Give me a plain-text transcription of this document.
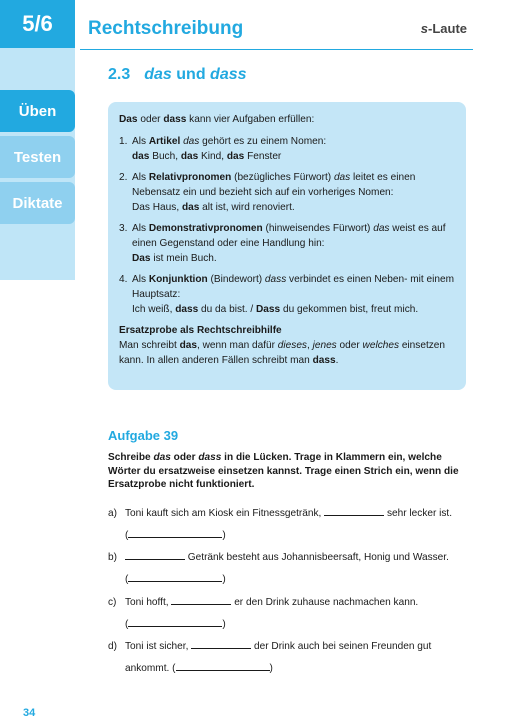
5/6	Rechtschreibung	s-Laute
Üben
Testen
Diktate
2.3 das und dass

Das oder dass kann vier Aufgaben erfüllen:

1. Als Artikel das gehört es zu einem Nomen:
das Buch, das Kind, das Fenster
2. Als Relativpronomen (bezügliches Fürwort) das leitet es einen Nebensatz ein und bezieht sich auf ein vorheriges Nomen:
Das Haus, das alt ist, wird renoviert.
3. Als Demonstrativpronomen (hinweisendes Fürwort) das weist es auf einen Gegenstand oder eine Handlung hin:
Das ist mein Buch.
4. Als Konjunktion (Bindewort) dass verbindet es einen Neben- mit einem Hauptsatz:
Ich weiß, dass du da bist. / Dass du gekommen bist, freut mich.

Ersatzprobe als Rechtschreibhilfe

Man schreibt das, wenn man dafür dieses, jenes oder welches einsetzen kann. In allen anderen Fällen schreibt man dass.

Aufgabe 39
Schreibe das oder dass in die Lücken. Trage in Klammern ein, welche Wörter du ersatzweise einsetzen kannst. Trage einen Strich ein, wenn die Ersatzprobe nicht funktioniert.
a) Toni kauft sich am Kiosk ein Fitnessgetränk,	sehr lecker ist.
(	)
b)	Getränk besteht aus Johannisbeersaft, Honig und Wasser.
(	)
c) Toni hofft,	er den Drink zuhause nachmachen kann.
(	)
d) Toni ist sicher,	der Drink auch bei seinen Freunden gut
ankommt. (	)
34
